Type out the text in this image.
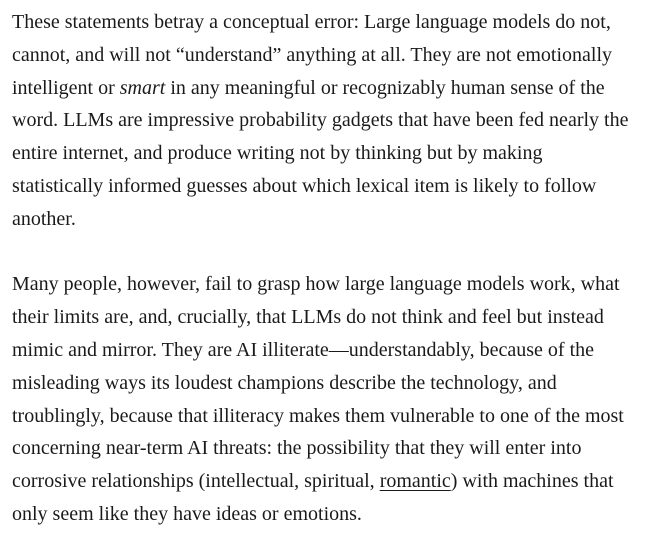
These statements betray a conceptual error: Large language models do not,
cannot, and will not “understand” anything at all. They are not emotionally
intelligent or smart in any meaningful or recognizably human sense of the
word. LLMs are impressive probability gadgets that have been fed nearly the
entire internet, and produce writing not by thinking but by making
statistically informed guesses about which lexical item is likely to follow
another.

Many people, however, fail to grasp how large language models work, what
their limits are, and, crucially, that LLMs do not think and feel but instead
mimic and mirror. They are AI illiterate—understandably, because of the
misleading ways its loudest champions describe the technology, and
troublingly, because that illiteracy makes them vulnerable to one of the most
concerning near-term AI threats: the possibility that they will enter into
corrosive relationships (intellectual, spiritual, romantic) with machines that
only seem like they have ideas or emotions.
